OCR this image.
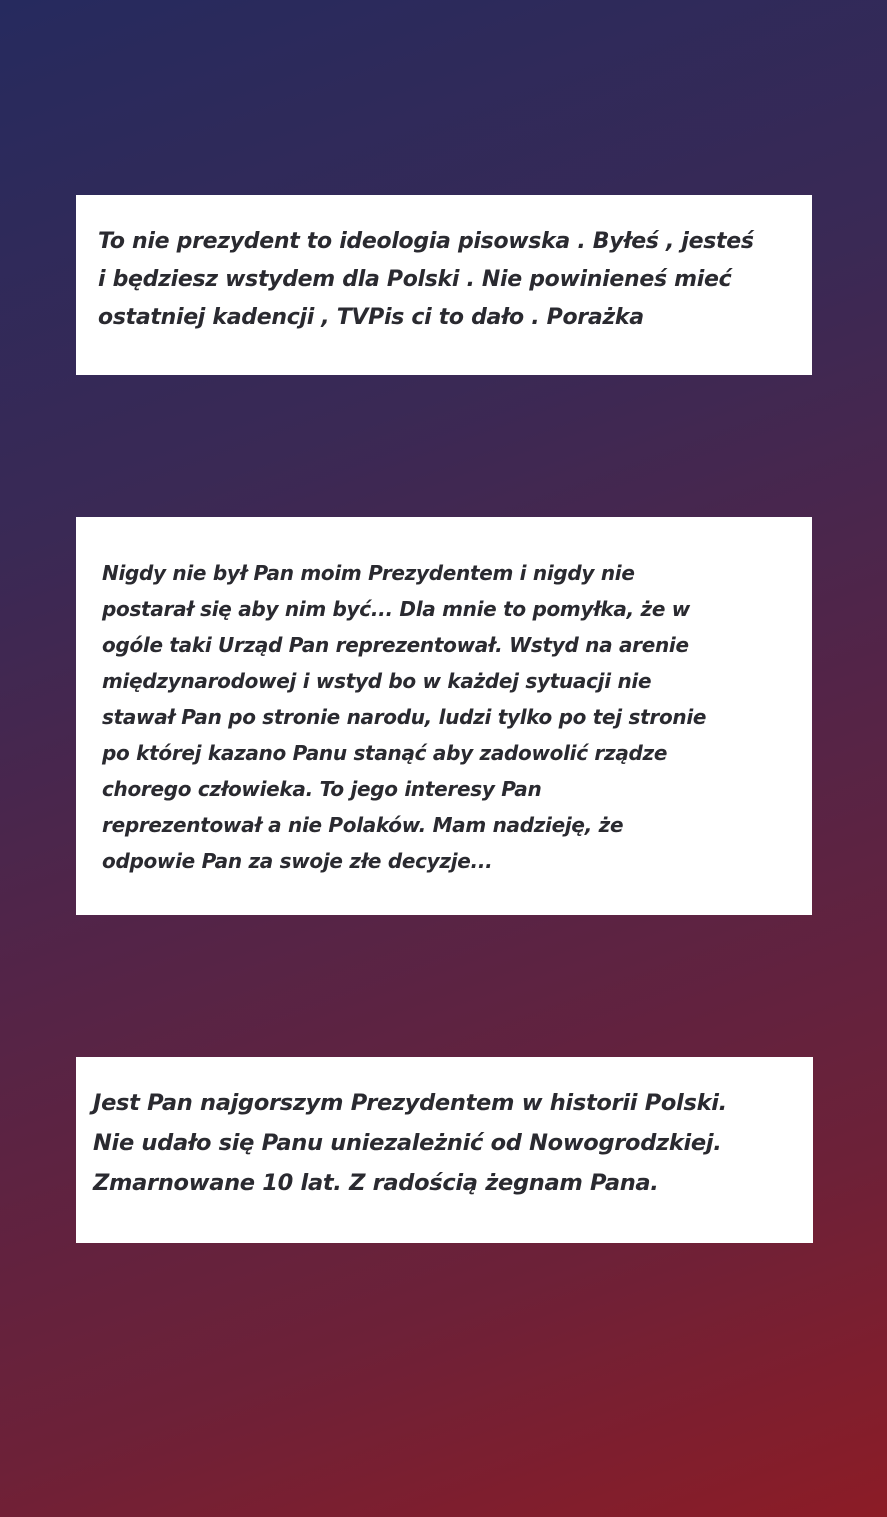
To nie prezydent to ideologia pisowska . Byłeś , jesteś
i będziesz wstydem dla Polski . Nie powinieneś mieć
ostatniej kadencji , TVPis ci to dało . Porażka

Nigdy nie był Pan moim Prezydentem i nigdy nie
postarał się aby nim być... Dla mnie to pomyłka, że w
ogóle taki Urząd Pan reprezentował. Wstyd na arenie
międzynarodowej i wstyd bo w każdej sytuacji nie
stawał Pan po stronie narodu, ludzi tylko po tej stronie
po której kazano Panu stanąć aby zadowolić rządze
chorego człowieka. To jego interesy Pan
reprezentował a nie Polaków. Mam nadzieję, że
odpowie Pan za swoje złe decyzje...

Jest Pan najgorszym Prezydentem w historii Polski.
Nie udało się Panu uniezależnić od Nowogrodzkiej.
Zmarnowane 10 lat. Z radością żegnam Pana.
